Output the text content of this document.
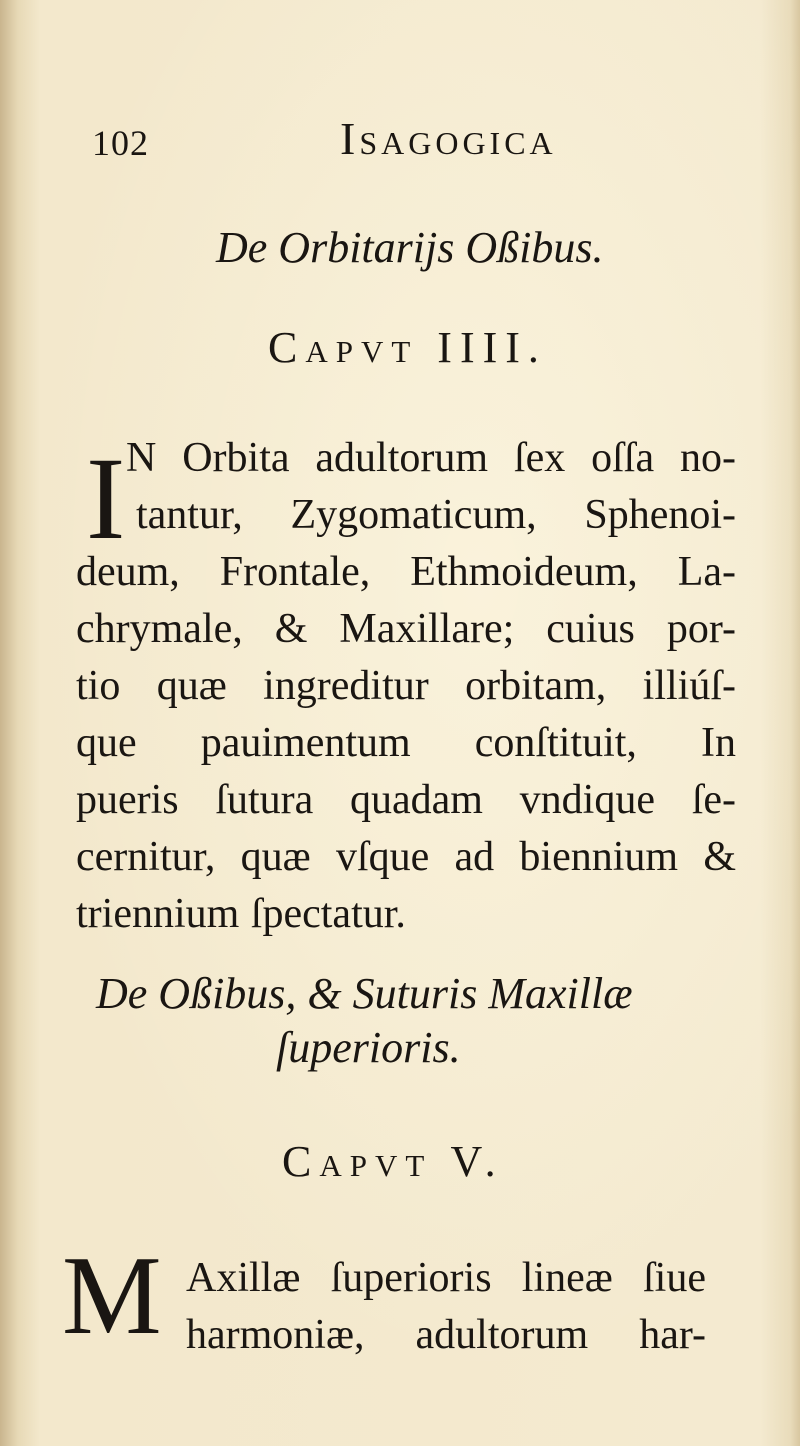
102	Isagogica
De Orbitarijs Oßibus.
Capvt IIII.
I N Orbita adultorum ſex oſſa no-
tantur, Zygomaticum, Sphenoi-
deum, Frontale, Ethmoideum, La-
chrymale, & Maxillare; cuius por-
tio quæ ingreditur orbitam, illiúſ-
que pauimentum conſtituit, In
pueris ſutura quadam vndique ſe-
cernitur, quæ vſque ad biennium &
triennium ſpectatur.
De Oßibus, & Suturis Maxillæ
ſuperioris.
Capvt V.
M Axillæ ſuperioris lineæ ſiue
harmoniæ, adultorum har-
